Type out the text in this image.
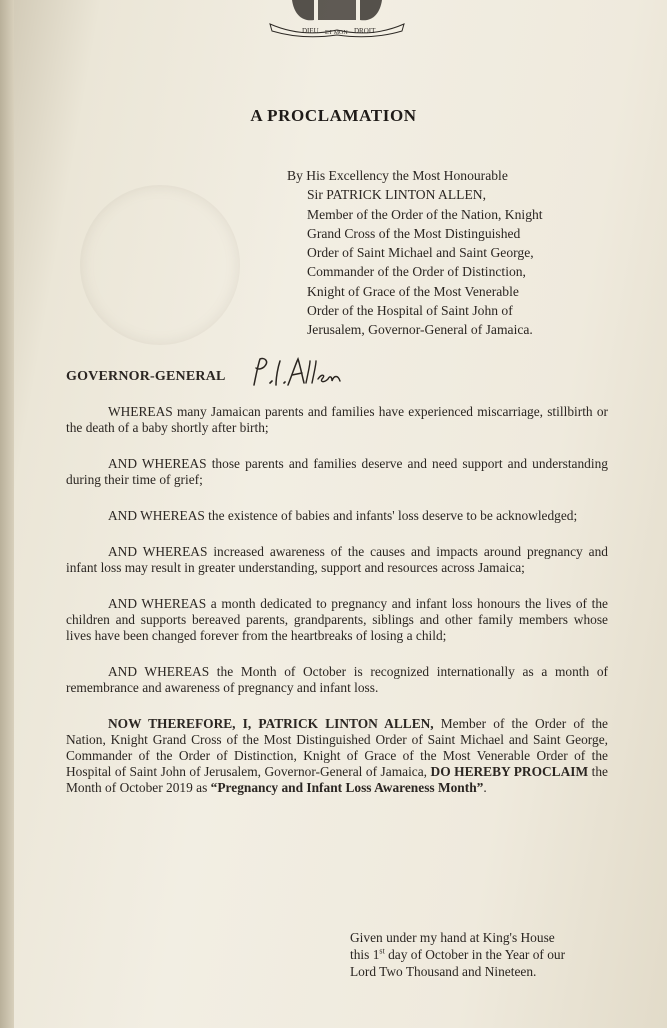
DIEU ET MON DROIT
A PROCLAMATION
By His Excellency the Most Honourable
Sir PATRICK LINTON ALLEN,
Member of the Order of the Nation, Knight
Grand Cross of the Most Distinguished
Order of Saint Michael and Saint George,
Commander of the Order of Distinction,
Knight of Grace of the Most Venerable
Order of the Hospital of Saint John of
Jerusalem, Governor-General of Jamaica.
GOVERNOR-GENERAL

WHEREAS many Jamaican parents and families have experienced miscarriage, stillbirth or the death of a baby shortly after birth;

AND WHEREAS those parents and families deserve and need support and understanding during their time of grief;

AND WHEREAS the existence of babies and infants' loss deserve to be acknowledged;

AND WHEREAS increased awareness of the causes and impacts around pregnancy and infant loss may result in greater understanding, support and resources across Jamaica;

AND WHEREAS a month dedicated to pregnancy and infant loss honours the lives of the children and supports bereaved parents, grandparents, siblings and other family members whose lives have been changed forever from the heartbreaks of losing a child;

AND WHEREAS the Month of October is recognized internationally as a month of remembrance and awareness of pregnancy and infant loss.

NOW THEREFORE, I, PATRICK LINTON ALLEN, Member of the Order of the Nation, Knight Grand Cross of the Most Distinguished Order of Saint Michael and Saint George, Commander of the Order of Distinction, Knight of Grace of the Most Venerable Order of the Hospital of Saint John of Jerusalem, Governor-General of Jamaica, DO HEREBY PROCLAIM the Month of October 2019 as “Pregnancy and Infant Loss Awareness Month”.

Given under my hand at King's House
this 1st day of October in the Year of our
Lord Two Thousand and Nineteen.
